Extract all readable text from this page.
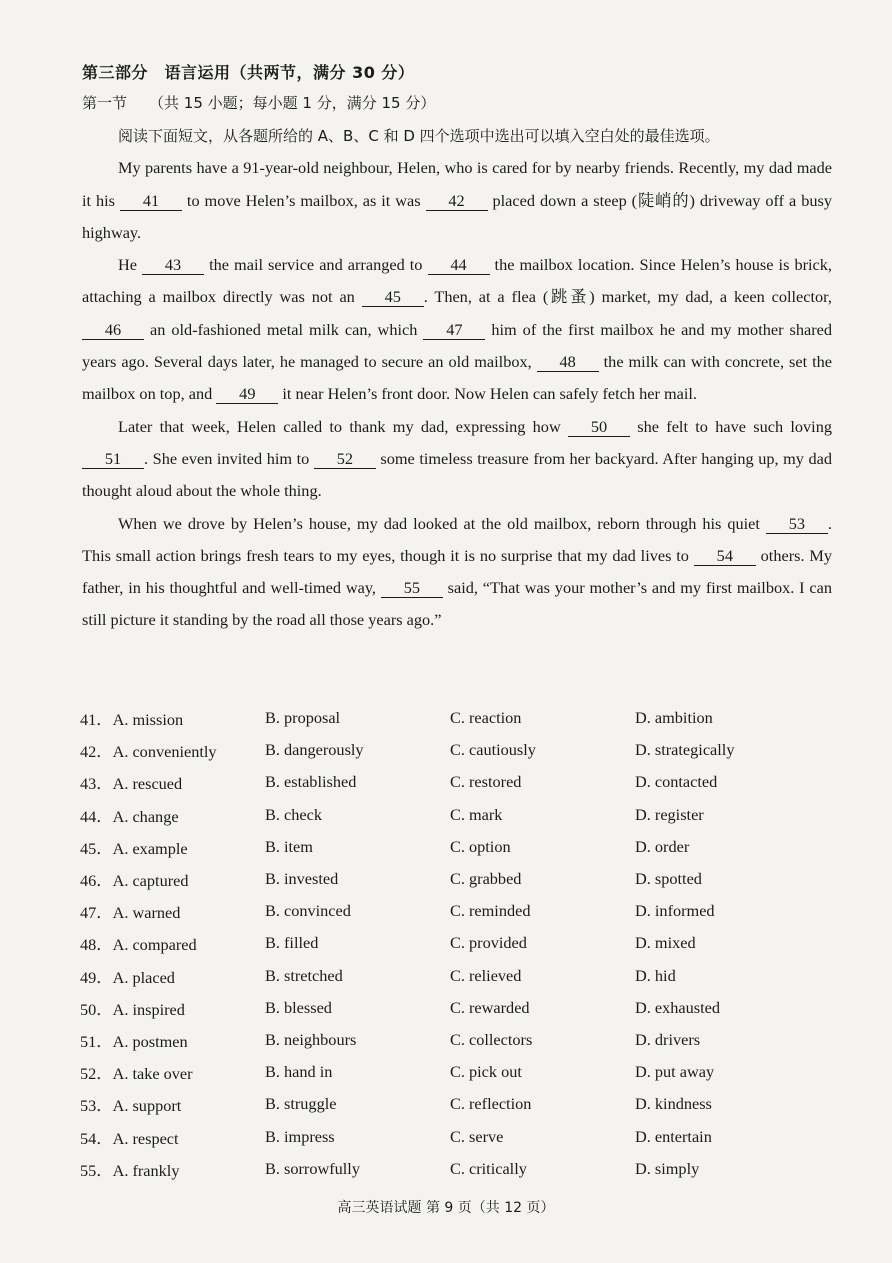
第三部分　语言运用（共两节，满分 30 分）
第一节 （共 15 小题；每小题 1 分，满分 15 分）

阅读下面短文，从各题所给的 A、B、C 和 D 四个选项中选出可以填入空白处的最佳选项。

My parents have a 91-year-old neighbour, Helen, who is cared for by nearby friends. Recently, my dad made it his 41 to move Helen’s mailbox, as it was 42 placed down a steep (陡峭的) driveway off a busy highway.

He 43 the mail service and arranged to 44 the mailbox location. Since Helen’s house is brick, attaching a mailbox directly was not an 45 . Then, at a flea (跳蚤) market, my dad, a keen collector, 46 an old-fashioned metal milk can, which 47 him of the first mailbox he and my mother shared years ago. Several days later, he managed to secure an old mailbox, 48 the milk can with concrete, set the mailbox on top, and 49 it near Helen’s front door. Now Helen can safely fetch her mail.

Later that week, Helen called to thank my dad, expressing how 50 she felt to have such loving 51 . She even invited him to 52 some timeless treasure from her backyard. After hanging up, my dad thought aloud about the whole thing.

When we drove by Helen’s house, my dad looked at the old mailbox, reborn through his quiet 53 . This small action brings fresh tears to my eyes, though it is no surprise that my dad lives to 54 others. My father, in his thoughtful and well-timed way, 55 said, “That was your mother’s and my first mailbox. I can still picture it standing by the road all those years ago.”

41．A. mission	B. proposal	C. reaction	D. ambition
42．A. conveniently	B. dangerously	C. cautiously	D. strategically
43．A. rescued	B. established	C. restored	D. contacted
44．A. change	B. check	C. mark	D. register
45．A. example	B. item	C. option	D. order
46．A. captured	B. invested	C. grabbed	D. spotted
47．A. warned	B. convinced	C. reminded	D. informed
48．A. compared	B. filled	C. provided	D. mixed
49．A. placed	B. stretched	C. relieved	D. hid
50．A. inspired	B. blessed	C. rewarded	D. exhausted
51．A. postmen	B. neighbours	C. collectors	D. drivers
52．A. take over	B. hand in	C. pick out	D. put away
53．A. support	B. struggle	C. reflection	D. kindness
54．A. respect	B. impress	C. serve	D. entertain
55．A. frankly	B. sorrowfully	C. critically	D. simply
高三英语试题 第 9 页（共 12 页）
